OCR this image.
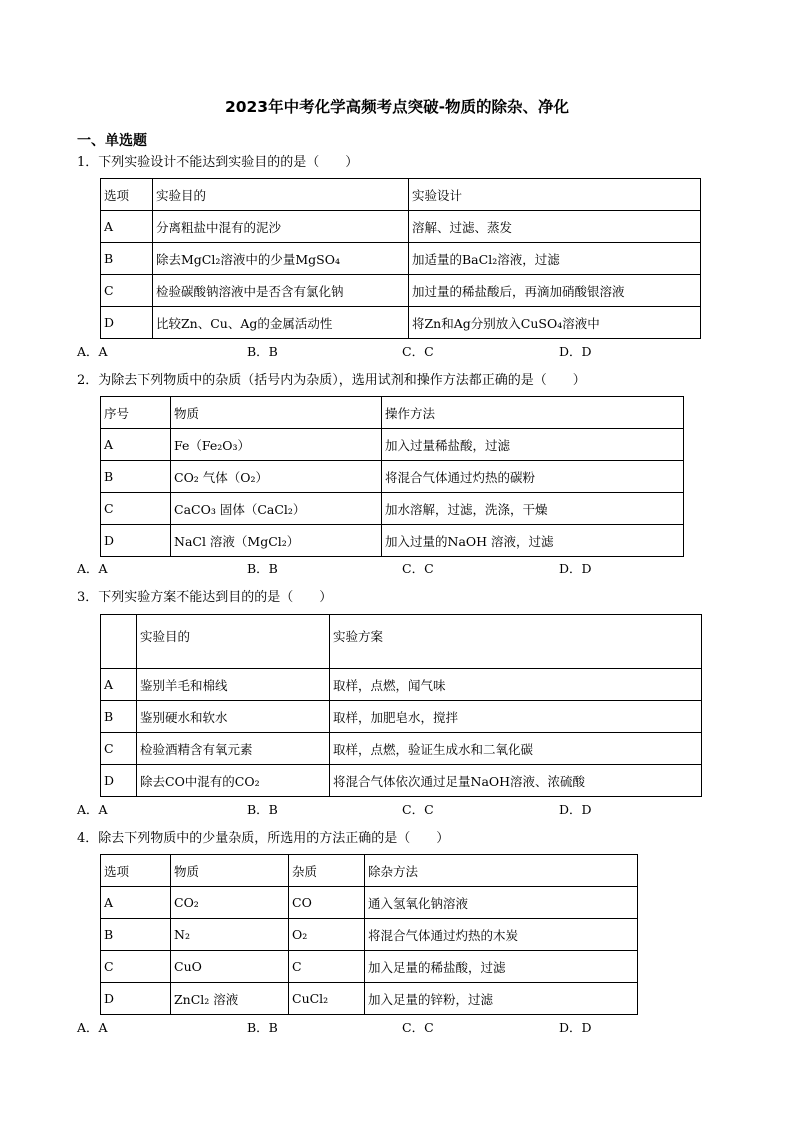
2023年中考化学高频考点突破-物质的除杂、净化
一、单选题
1．下列实验设计不能达到实验目的的是（　　）
选项	实验目的	实验设计
A	分离粗盐中混有的泥沙	溶解、过滤、蒸发
B	除去MgCl₂溶液中的少量MgSO₄	加适量的BaCl₂溶液，过滤
C	检验碳酸钠溶液中是否含有氯化钠	加过量的稀盐酸后，再滴加硝酸银溶液
D	比较Zn、Cu、Ag的金属活动性	将Zn和Ag分别放入CuSO₄溶液中
A．A	B．B	C．C	D．D
2．为除去下列物质中的杂质（括号内为杂质），选用试剂和操作方法都正确的是（　　）
序号	物质	操作方法
A	Fe（Fe₂O₃）	加入过量稀盐酸，过滤
B	CO₂ 气体（O₂）	将混合气体通过灼热的碳粉
C	CaCO₃ 固体（CaCl₂）	加水溶解，过滤，洗涤，干燥
D	NaCl 溶液（MgCl₂）	加入过量的NaOH 溶液，过滤
A．A	B．B	C．C	D．D
3．下列实验方案不能达到目的的是（　　）
	实验目的	实验方案
A	鉴别羊毛和棉线	取样，点燃，闻气味
B	鉴别硬水和软水	取样，加肥皂水，搅拌
C	检验酒精含有氧元素	取样，点燃，验证生成水和二氧化碳
D	除去CO中混有的CO₂	将混合气体依次通过足量NaOH溶液、浓硫酸
A．A	B．B	C．C	D．D
4．除去下列物质中的少量杂质，所选用的方法正确的是（　　）
选项	物质	杂质	除杂方法
A	CO₂	CO	通入氢氧化钠溶液
B	N₂	O₂	将混合气体通过灼热的木炭
C	CuO	C	加入足量的稀盐酸，过滤
D	ZnCl₂ 溶液	CuCl₂	加入足量的锌粉，过滤
A．A	B．B	C．C	D．D
